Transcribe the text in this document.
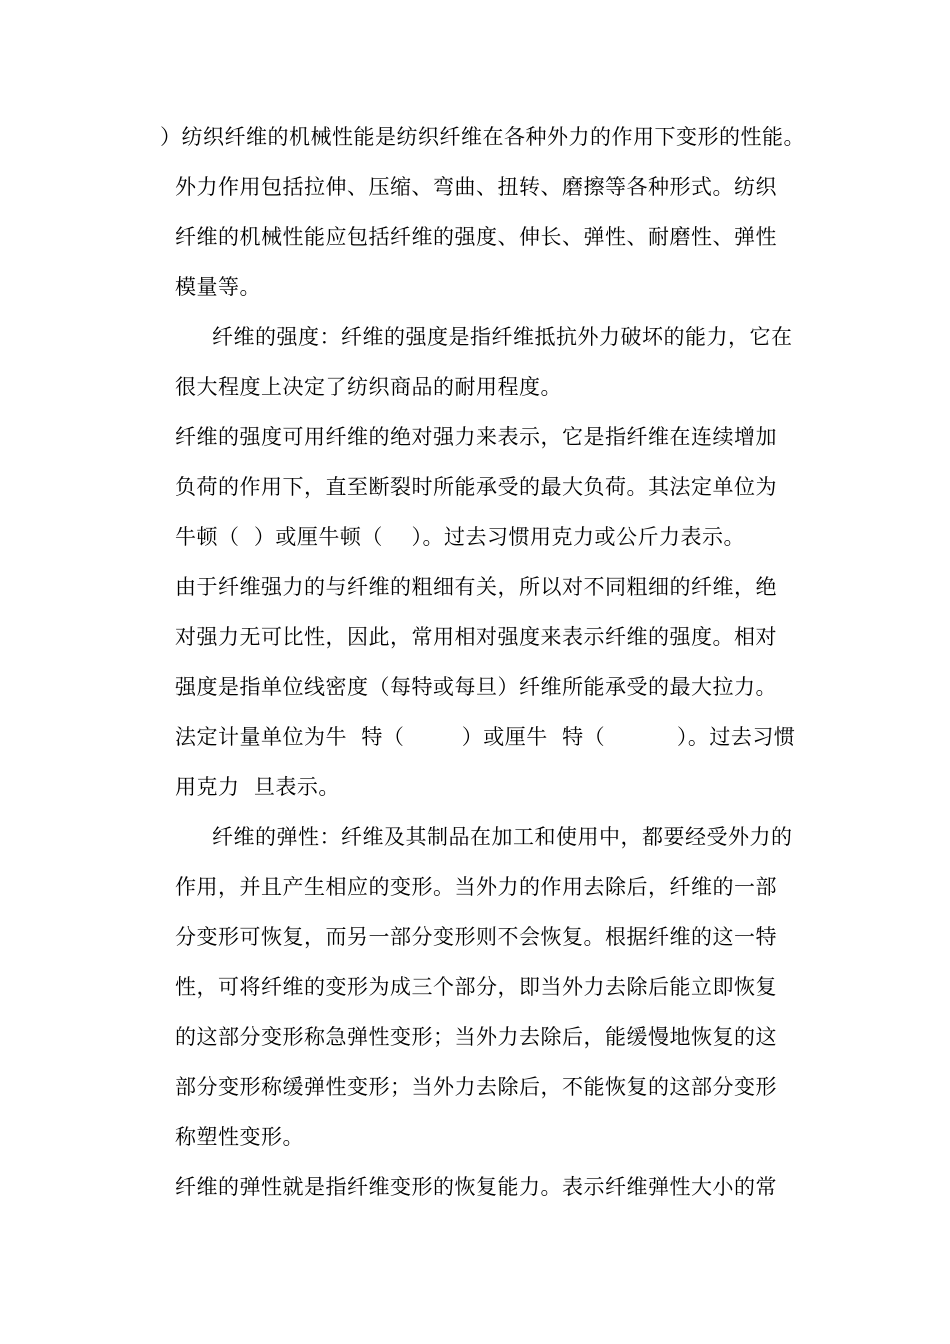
）纺织纤维的机械性能是纺织纤维在各种外力的作用下变形的性能。
外力作用包括拉伸、压缩、弯曲、扭转、磨擦等各种形式。纺织
纤维的机械性能应包括纤维的强度、伸长、弹性、耐磨性、弹性
模量等。
纤维的强度：纤维的强度是指纤维抵抗外力破坏的能力，它在
很大程度上决定了纺织商品的耐用程度。
纤维的强度可用纤维的绝对强力来表示，它是指纤维在连续增加
负荷的作用下，直至断裂时所能承受的最大负荷。其法定单位为
牛顿（  ）或厘牛顿（    ）。过去习惯用克力或公斤力表示。
由于纤维强力的与纤维的粗细有关，所以对不同粗细的纤维，绝
对强力无可比性，因此，常用相对强度来表示纤维的强度。相对
强度是指单位线密度（每特或每旦）纤维所能承受的最大拉力。
法定计量单位为牛  特（        ）或厘牛  特（          ）。过去习惯
用克力  旦表示。
纤维的弹性：纤维及其制品在加工和使用中，都要经受外力的
作用，并且产生相应的变形。当外力的作用去除后，纤维的一部
分变形可恢复，而另一部分变形则不会恢复。根据纤维的这一特
性，可将纤维的变形为成三个部分，即当外力去除后能立即恢复
的这部分变形称急弹性变形；当外力去除后，能缓慢地恢复的这
部分变形称缓弹性变形；当外力去除后，不能恢复的这部分变形
称塑性变形。
纤维的弹性就是指纤维变形的恢复能力。表示纤维弹性大小的常
